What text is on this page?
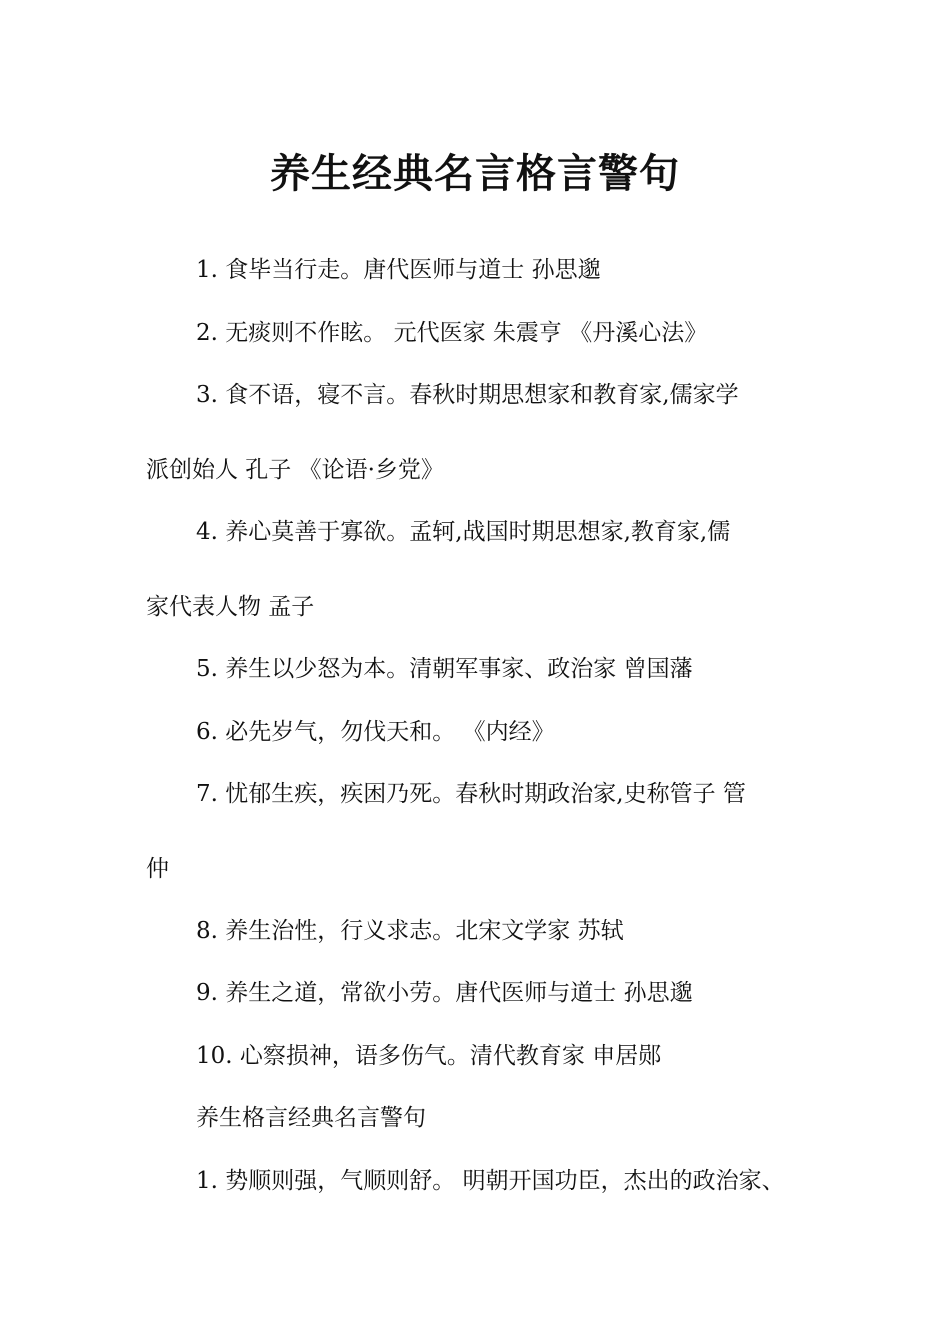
养生经典名言格言警句
1. 食毕当行走。唐代医师与道士 孙思邈
2. 无痰则不作眩。 元代医家 朱震亨 《丹溪心法》
3. 食不语，寝不言。春秋时期思想家和教育家,儒家学
派创始人 孔子 《论语·乡党》
4. 养心莫善于寡欲。孟轲,战国时期思想家,教育家,儒
家代表人物 孟子
5. 养生以少怒为本。清朝军事家、政治家 曾国藩
6. 必先岁气，勿伐天和。 《内经》
7. 忧郁生疾，疾困乃死。春秋时期政治家,史称管子 管
仲
8. 养生治性，行义求志。北宋文学家 苏轼
9. 养生之道，常欲小劳。唐代医师与道士 孙思邈
10. 心察损神，语多伤气。清代教育家 申居郧
养生格言经典名言警句
1. 势顺则强，气顺则舒。 明朝开国功臣，杰出的政治家、
